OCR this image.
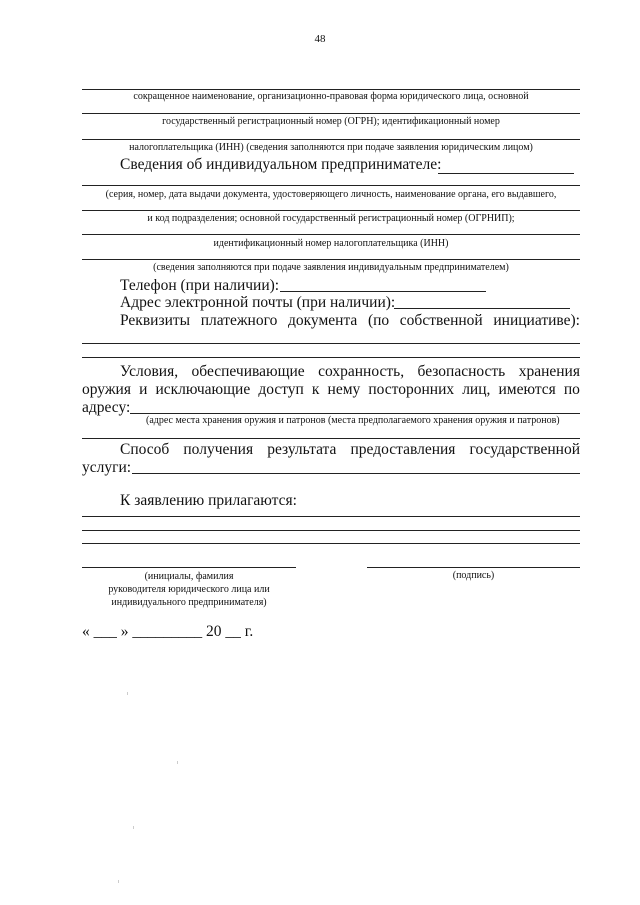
48
сокращенное наименование, организационно-правовая форма юридического лица, основной
государственный регистрационный номер (ОГРН); идентификационный номер
налогоплательщика (ИНН) (сведения заполняются при подаче заявления юридическим лицом)
Сведения об индивидуальном предпринимателе:
(серия, номер, дата выдачи документа, удостоверяющего личность, наименование органа, его выдавшего,
и код подразделения; основной государственный регистрационный номер (ОГРНИП);
идентификационный номер налогоплательщика (ИНН)
(сведения заполняются при подаче заявления индивидуальным предпринимателем)
Телефон (при наличии):
Адрес электронной почты (при наличии):
Реквизиты платежного документа (по собственной инициативе):
Условия, обеспечивающие сохранность, безопасность хранения
оружия и исключающие доступ к нему посторонних лиц, имеются по
адресу:
(адрес места хранения оружия и патронов (места предполагаемого хранения оружия и патронов)
Способ получения результата предоставления государственной
услуги:
К заявлению прилагаются:
(инициалы, фамилия
руководителя юридического лица или
индивидуального предпринимателя)
(подпись)
« ___ » _________ 20 __ г.
